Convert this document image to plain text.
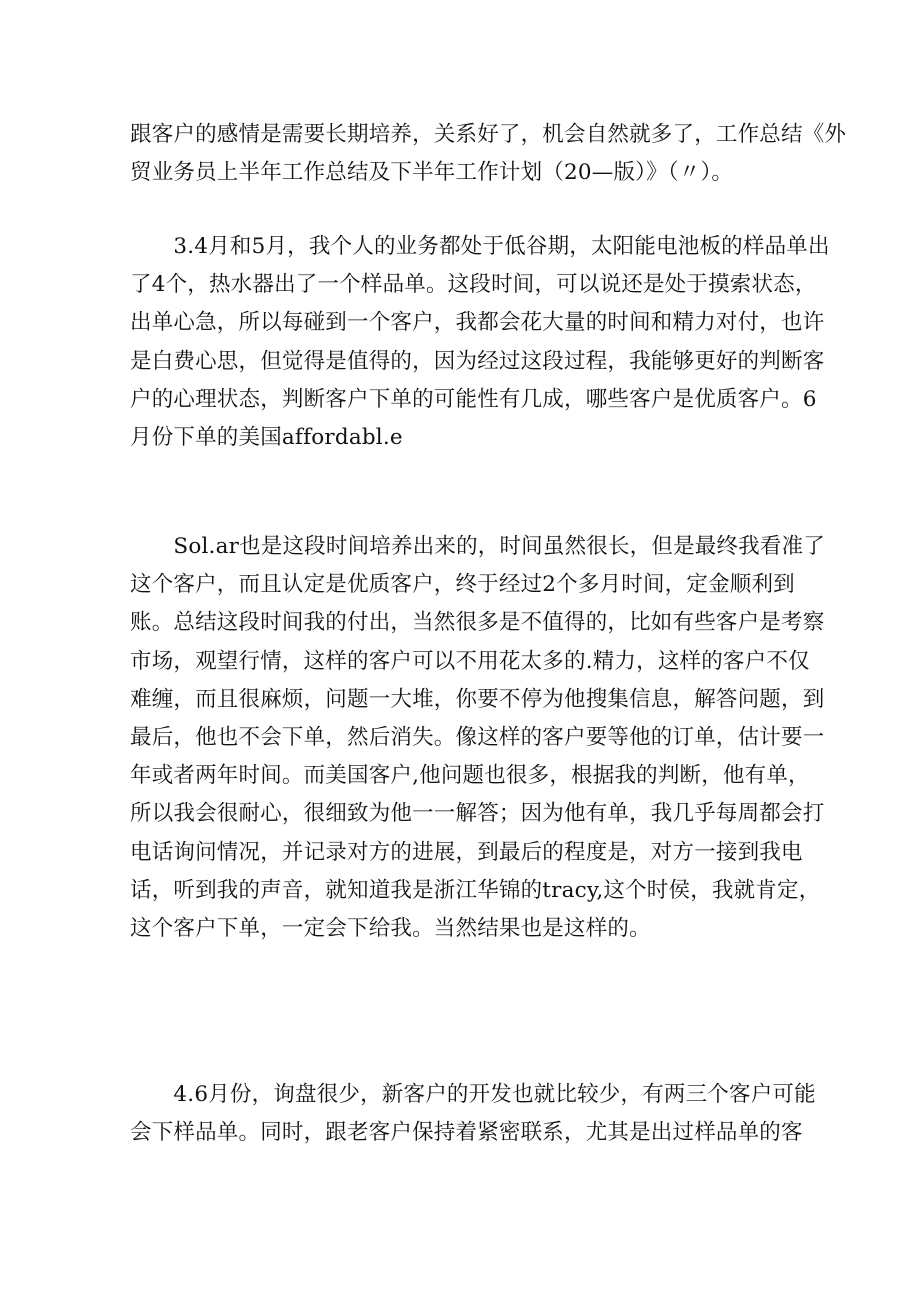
跟客户的感情是需要长期培养，关系好了，机会自然就多了，工作总结《外
贸业务员上半年工作总结及下半年工作计划（20—版）》（〃）。
　　3.4月和5月，我个人的业务都处于低谷期，太阳能电池板的样品单出
了4个，热水器出了一个样品单。这段时间，可以说还是处于摸索状态，
出单心急，所以每碰到一个客户，我都会花大量的时间和精力对付，也许
是白费心思，但觉得是值得的，因为经过这段过程，我能够更好的判断客
户的心理状态，判断客户下单的可能性有几成，哪些客户是优质客户。6
月份下单的美国affordabl.e
　　Sol.ar也是这段时间培养出来的，时间虽然很长，但是最终我看准了
这个客户，而且认定是优质客户，终于经过2个多月时间，定金顺利到
账。总结这段时间我的付出，当然很多是不值得的，比如有些客户是考察
市场，观望行情，这样的客户可以不用花太多的.精力，这样的客户不仅
难缠，而且很麻烦，问题一大堆，你要不停为他搜集信息，解答问题，到
最后，他也不会下单，然后消失。像这样的客户要等他的订单，估计要一
年或者两年时间。而美国客户,他问题也很多，根据我的判断，他有单，
所以我会很耐心，很细致为他一一解答；因为他有单，我几乎每周都会打
电话询问情况，并记录对方的进展，到最后的程度是，对方一接到我电
话，听到我的声音，就知道我是浙江华锦的tracy,这个时侯，我就肯定，
这个客户下单，一定会下给我。当然结果也是这样的。
　　4.6月份，询盘很少，新客户的开发也就比较少，有两三个客户可能
会下样品单。同时，跟老客户保持着紧密联系，尤其是出过样品单的客
